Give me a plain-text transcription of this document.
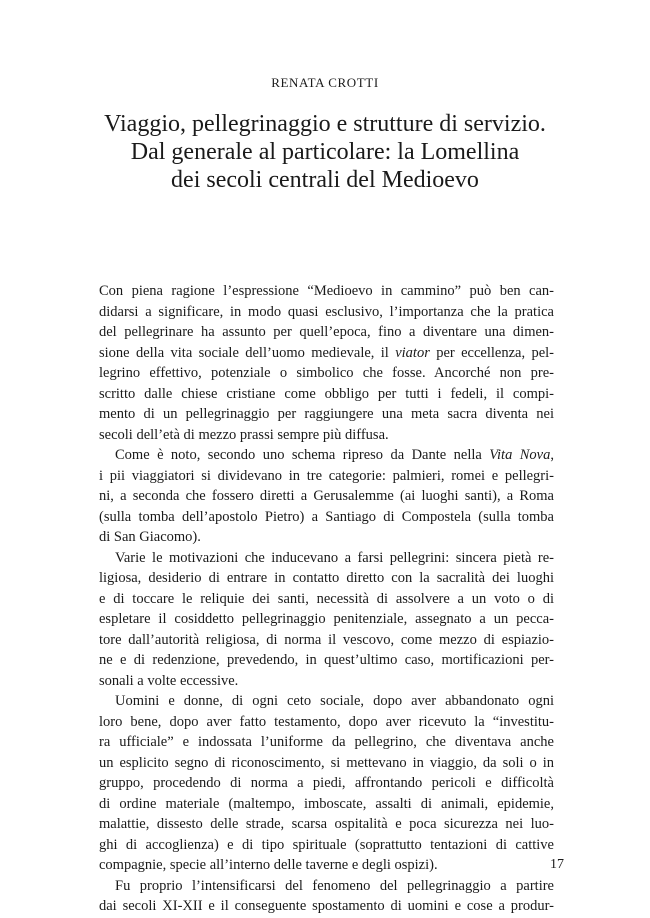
RENATA CROTTI
Viaggio, pellegrinaggio e strutture di servizio.
Dal generale al particolare: la Lomellina
dei secoli centrali del Medioevo

Con piena ragione l’espressione “Medioevo in cammino” può ben can-
didarsi a significare, in modo quasi esclusivo, l’importanza che la pratica
del pellegrinare ha assunto per quell’epoca, fino a diventare una dimen-
sione della vita sociale dell’uomo medievale, il viator per eccellenza, pel-
legrino effettivo, potenziale o simbolico che fosse. Ancorché non pre-
scritto dalle chiese cristiane come obbligo per tutti i fedeli, il compi-
mento di un pellegrinaggio per raggiungere una meta sacra diventa nei
secoli dell’età di mezzo prassi sempre più diffusa.

Come è noto, secondo uno schema ripreso da Dante nella Vita Nova,
i pii viaggiatori si dividevano in tre categorie: palmieri, romei e pellegri-
ni, a seconda che fossero diretti a Gerusalemme (ai luoghi santi), a Roma
(sulla tomba dell’apostolo Pietro) a Santiago di Compostela (sulla tomba
di San Giacomo).

Varie le motivazioni che inducevano a farsi pellegrini: sincera pietà re-
ligiosa, desiderio di entrare in contatto diretto con la sacralità dei luoghi
e di toccare le reliquie dei santi, necessità di assolvere a un voto o di
espletare il cosiddetto pellegrinaggio penitenziale, assegnato a un pecca-
tore dall’autorità religiosa, di norma il vescovo, come mezzo di espiazio-
ne e di redenzione, prevedendo, in quest’ultimo caso, mortificazioni per-
sonali a volte eccessive.

Uomini e donne, di ogni ceto sociale, dopo aver abbandonato ogni
loro bene, dopo aver fatto testamento, dopo aver ricevuto la “investitu-
ra ufficiale” e indossata l’uniforme da pellegrino, che diventava anche
un esplicito segno di riconoscimento, si mettevano in viaggio, da soli o in
gruppo, procedendo di norma a piedi, affrontando pericoli e difficoltà
di ordine materiale (maltempo, imboscate, assalti di animali, epidemie,
malattie, dissesto delle strade, scarsa ospitalità e poca sicurezza nei luo-
ghi di accoglienza) e di tipo spirituale (soprattutto tentazioni di cattive
compagnie, specie all’interno delle taverne e degli ospizi).

Fu proprio l’intensificarsi del fenomeno del pellegrinaggio a partire
dai secoli XI-XII e il conseguente spostamento di uomini e cose a produr-

17
